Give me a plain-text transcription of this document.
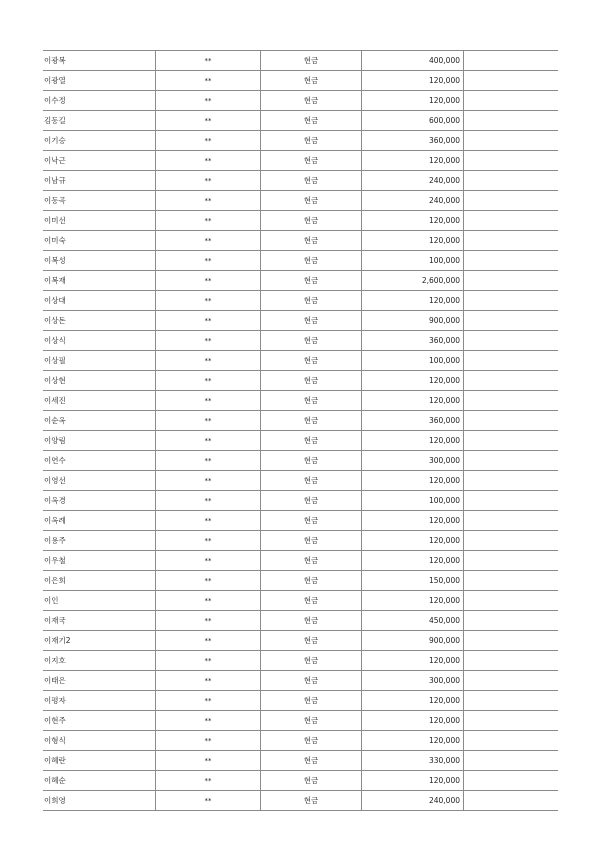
이광복	**	현금	400,000	
이광열	**	현금	120,000	
이수정	**	현금	120,000	
김동길	**	현금	600,000	
이기승	**	현금	360,000	
이낙근	**	현금	120,000	
이남규	**	현금	240,000	
이동곡	**	현금	240,000	
이미선	**	현금	120,000	
이미숙	**	현금	120,000	
이복성	**	현금	100,000	
이복재	**	현금	2,600,000	
이상대	**	현금	120,000	
이상돈	**	현금	900,000	
이상식	**	현금	360,000	
이상필	**	현금	100,000	
이상현	**	현금	120,000	
이세진	**	현금	120,000	
이순옥	**	현금	360,000	
이양림	**	현금	120,000	
이연수	**	현금	300,000	
이영선	**	현금	120,000	
이옥경	**	현금	100,000	
이옥례	**	현금	120,000	
이용주	**	현금	120,000	
이우철	**	현금	120,000	
이은희	**	현금	150,000	
이인	**	현금	120,000	
이재국	**	현금	450,000	
이재기2	**	현금	900,000	
이지호	**	현금	120,000	
이태은	**	현금	300,000	
이평자	**	현금	120,000	
이현주	**	현금	120,000	
이형식	**	현금	120,000	
이혜란	**	현금	330,000	
이혜순	**	현금	120,000	
이희영	**	현금	240,000	
